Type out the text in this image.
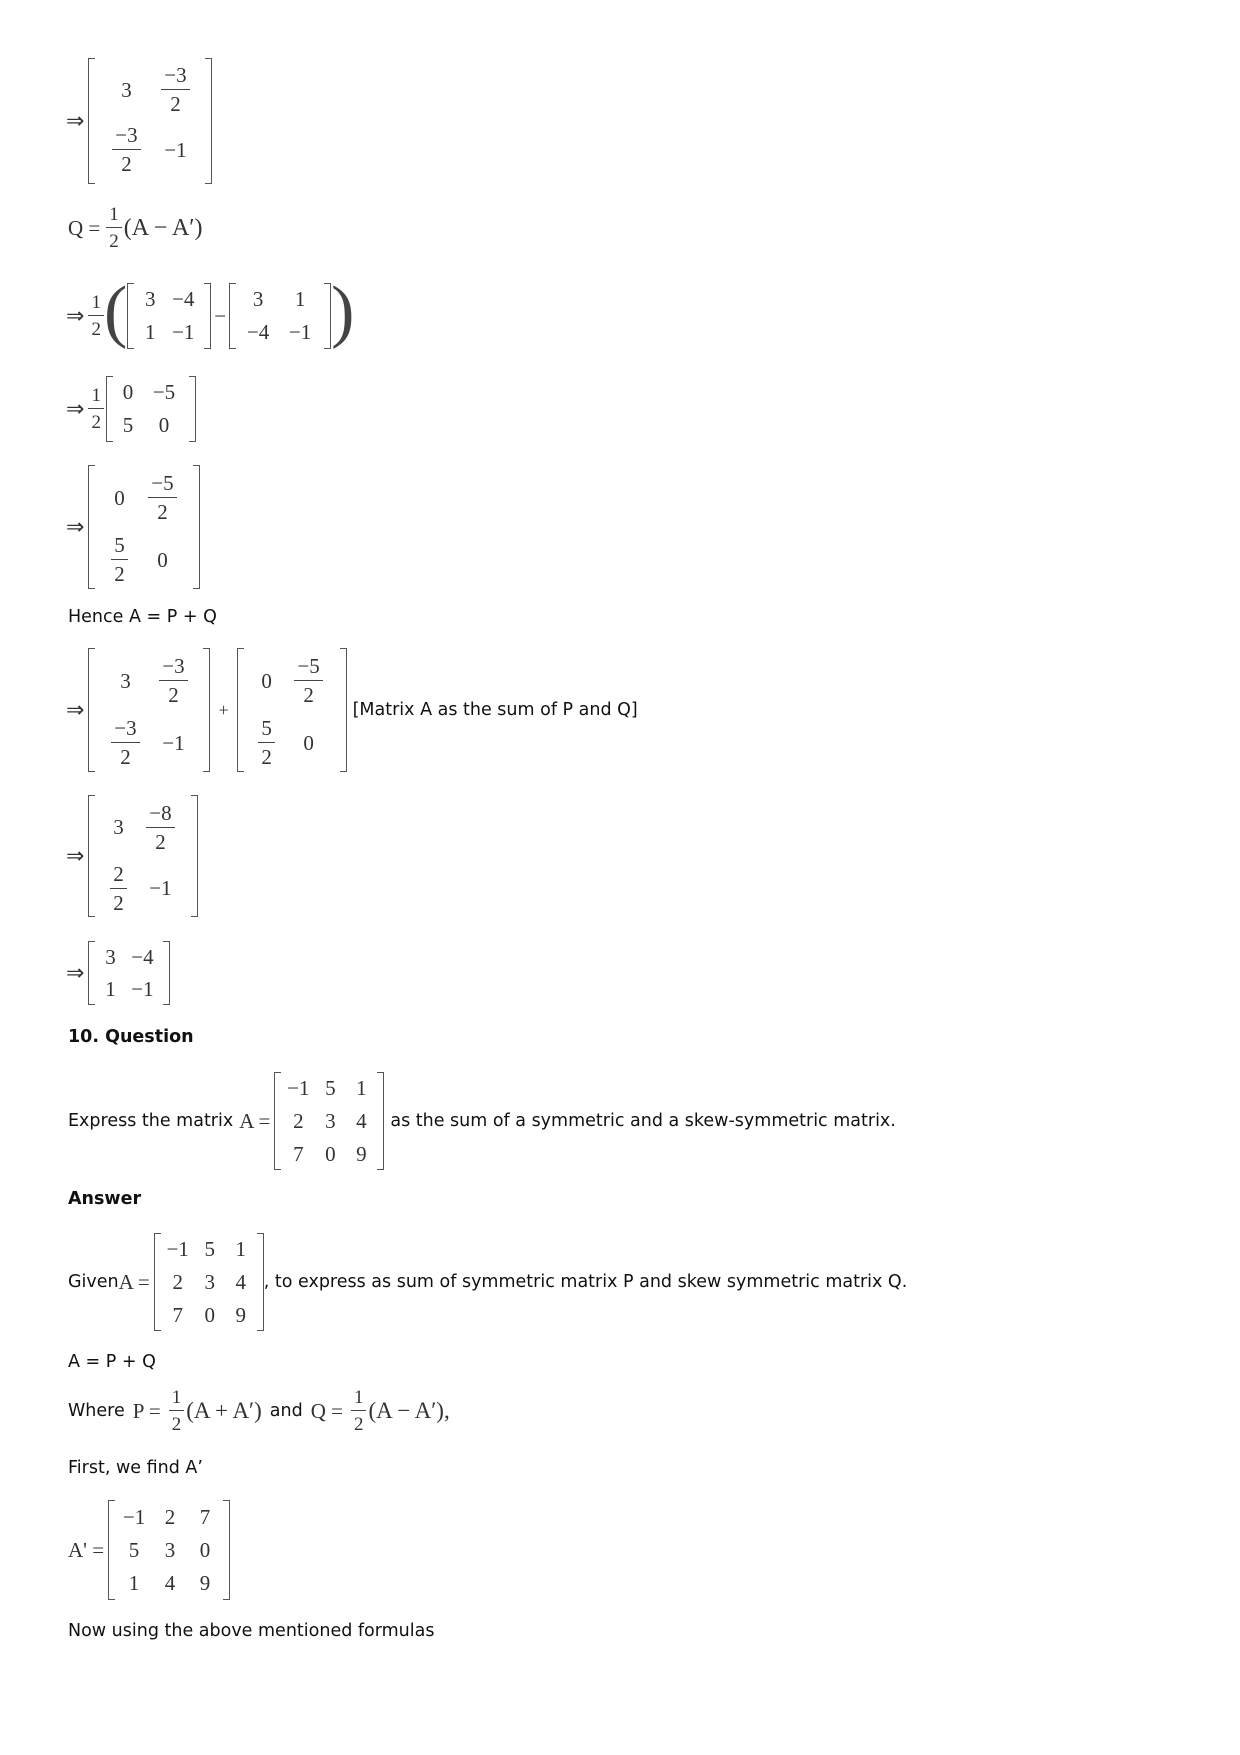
⇒
$3 \frac{-3}{2}$
$\frac{-3}{2} -1$
$Q = \frac{1}{2} (A - A')$
⇒ $\frac{1}{2}$ ( 3 −4
1 −1
−
3 1
−4 −1 )
⇒ $\frac{1}{2} 0 -5$
5 0
⇒
$0 \frac{-5}{2}$
$\frac{5}{2} 0$
Hence A = P + Q
⇒
$3 \frac{-3}{2}$
$\frac{-3}{2} -1$
+
$0 \frac{-5}{2}$
$\frac{5}{2} 0$
[Matrix A as the sum of P and Q]
⇒
$3 \frac{-8}{2}$
$\frac{2}{2} -1$
⇒
3 −4
1 −1
10. Question
Express the matrix A =
−1 5 1
2 3 4
7 0 9
as the sum of a symmetric and a skew-symmetric matrix.
Answer
Given A =
−1 5 1
2 3 4
7 0 9
, to express as sum of symmetric matrix P and skew symmetric matrix Q.
A = P + Q
Where $P = \frac{1}{2} (A + A')$ and $Q = \frac{1}{2} (A - A')$,
First, we find A’
A' =
−1 2 7
5 3 0
1 4 9
Now using the above mentioned formulas
